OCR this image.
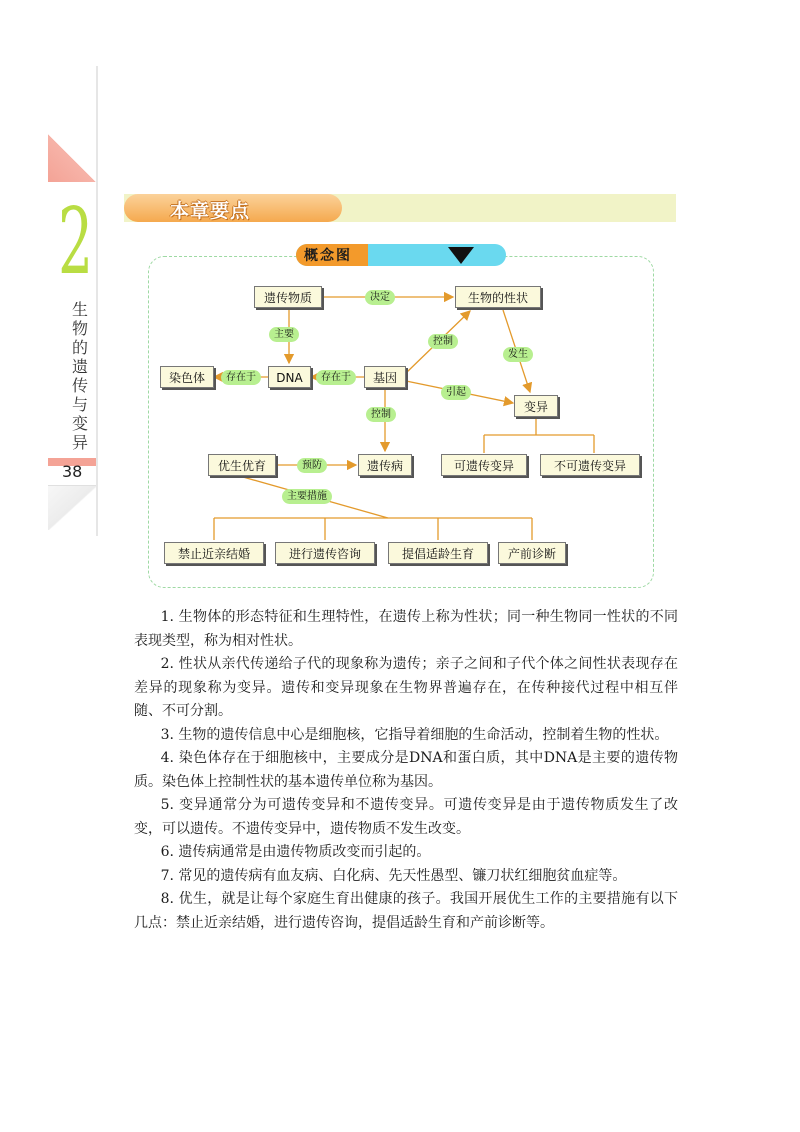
2
生物的遗传与变异
38
本章要点
概念图
遗传物质	生物的性状
染色体	DNA	基因
变异
优生优育	遗传病	可遗传变异	不可遗传变异
禁止近亲结婚	进行遗传咨询	提倡适龄生育	产前诊断
决定
主要
控制
发生
存在于	存在于
引起
控制
预防
主要措施

1. 生物体的形态特征和生理特性，在遗传上称为性状；同一种生物同一性状的不同表现类型，称为相对性状。

2. 性状从亲代传递给子代的现象称为遗传；亲子之间和子代个体之间性状表现存在差异的现象称为变异。遗传和变异现象在生物界普遍存在，在传种接代过程中相互伴随、不可分割。

3. 生物的遗传信息中心是细胞核，它指导着细胞的生命活动，控制着生物的性状。

4. 染色体存在于细胞核中，主要成分是DNA和蛋白质，其中DNA是主要的遗传物质。染色体上控制性状的基本遗传单位称为基因。

5. 变异通常分为可遗传变异和不遗传变异。可遗传变异是由于遗传物质发生了改变，可以遗传。不遗传变异中，遗传物质不发生改变。

6. 遗传病通常是由遗传物质改变而引起的。

7. 常见的遗传病有血友病、白化病、先天性愚型、镰刀状红细胞贫血症等。

8. 优生，就是让每个家庭生育出健康的孩子。我国开展优生工作的主要措施有以下几点：禁止近亲结婚，进行遗传咨询，提倡适龄生育和产前诊断等。
